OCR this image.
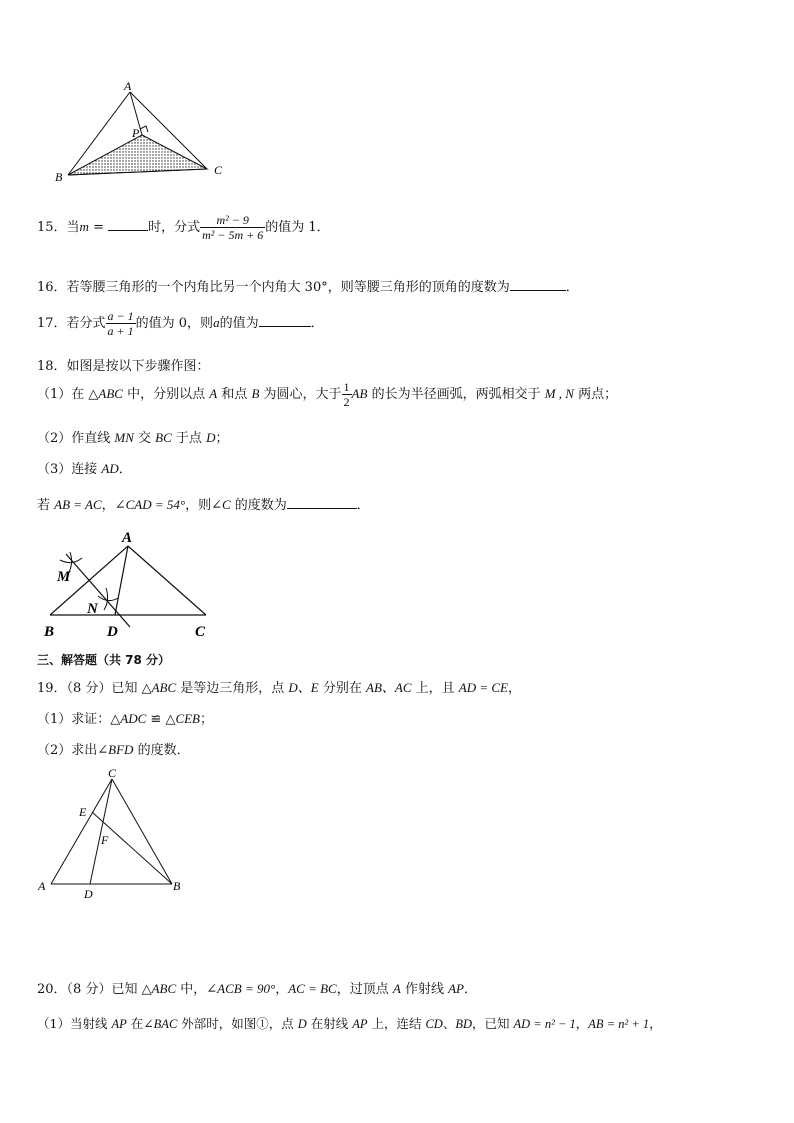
A
B	C
P
15．当m =	时，分式 $\frac{\text{m² − 9}}{\text{m² − 5m + 6}}$ 的值为 1．
16．若等腰三角形的一个内角比另一个内角大 30°，则等腰三角形的顶角的度数为	．
17．若分式 $\frac{a - 1}{a + 1}$ 的值为 0，则a的值为	．
18．如图是按以下步骤作图：
（1）在 △ABC 中，分别以点 A 和点 B 为圆心，大于 $\frac{1}{2}$ AB 的长为半径画弧，两弧相交于 M , N 两点；
（2）作直线 MN 交 BC 于点 D；
（3）连接 AD．
若 AB = AC，∠CAD = 54°，则∠C 的度数为	．
A
B	C
D
M
N
三、解答题（共 78 分）
19．（8 分）已知 △ABC 是等边三角形，点 D、E 分别在 AB、AC 上，且 AD = CE，
（1）求证：△ADC ≌ △CEB；
（2）求出∠BFD 的度数．
C
E
F
A
D
B
20．（8 分）已知 △ABC 中，∠ACB = 90°，AC = BC，过顶点 A 作射线 AP．
（1）当射线 AP 在∠BAC 外部时，如图①，点 D 在射线 AP 上，连结 CD、BD，已知 AD = n² − 1，AB = n² + 1，
